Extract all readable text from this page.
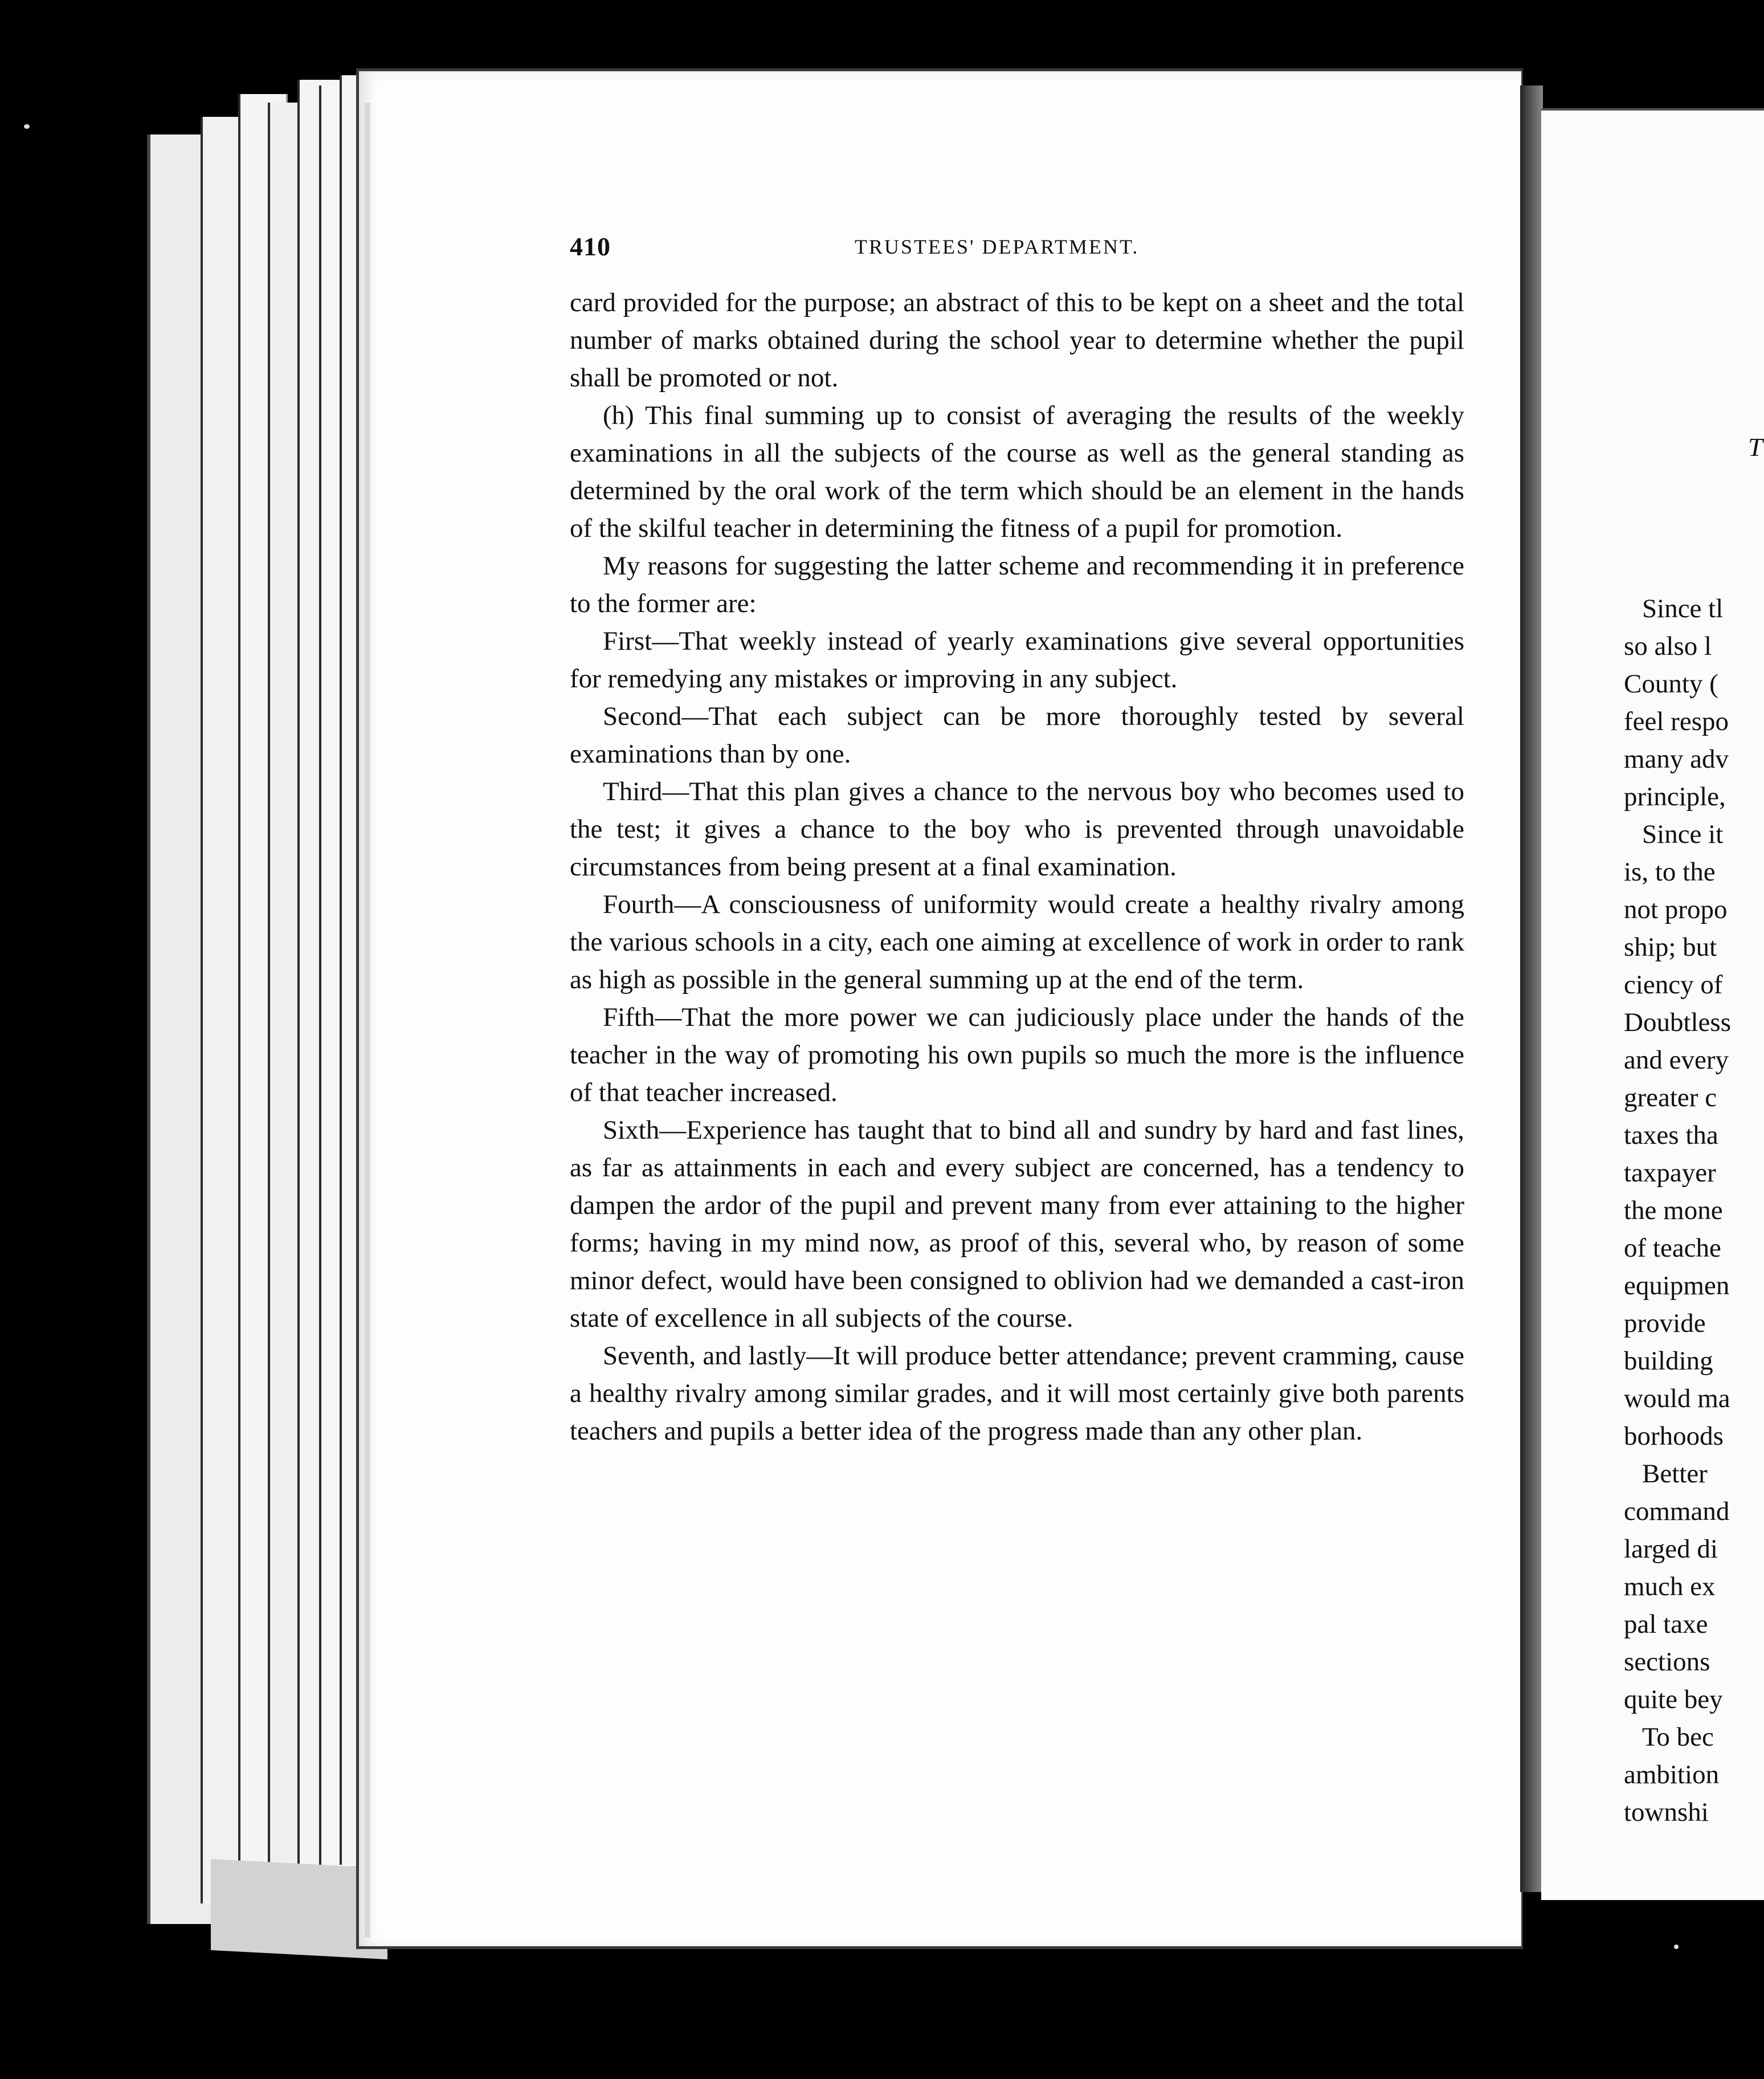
410	TRUSTEES' DEPARTMENT.

card provided for the purpose; an abstract of this to be kept on a sheet and the total number of marks obtained during the school year to determine whether the pupil shall be promoted or not.

(h) This final summing up to consist of averaging the results of the weekly examinations in all the subjects of the course as well as the general standing as determined by the oral work of the term which should be an element in the hands of the skilful teacher in determining the fitness of a pupil for promotion.

My reasons for suggesting the latter scheme and recommending it in preference to the former are:

First—That weekly instead of yearly examinations give several opportunities for remedying any mistakes or improving in any subject.

Second—That each subject can be more thoroughly tested by several examinations than by one.

Third—That this plan gives a chance to the nervous boy who becomes used to the test; it gives a chance to the boy who is prevented through unavoidable circumstances from being present at a final examination.

Fourth—A consciousness of uniformity would create a healthy rivalry among the various schools in a city, each one aiming at excellence of work in order to rank as high as possible in the general summing up at the end of the term.

Fifth—That the more power we can judiciously place under the hands of the teacher in the way of promoting his own pupils so much the more is the influence of that teacher increased.

Sixth—Experience has taught that to bind all and sundry by hard and fast lines, as far as attainments in each and every subject are concerned, has a tendency to dampen the ardor of the pupil and prevent many from ever attaining to the higher forms; having in my mind now, as proof of this, several who, by reason of some minor defect, would have been consigned to oblivion had we demanded a cast-iron state of excellence in all subjects of the course.

Seventh, and lastly—It will produce better attendance; prevent cramming, cause a healthy rivalry among similar grades, and it will most certainly give both parents teachers and pupils a better idea of the progress made than any other plan.

T
Since tl
so also l
County (
feel respo
many adv
principle,
Since it
is, to the
not propo
ship; but
ciency of
Doubtless
and every
greater c
taxes tha
taxpayer
the mone
of teache
equipmen
provide
building
would ma
borhoods
Better
command
larged di
much ex
pal taxe
sections
quite bey
To bec
ambition
townshi
